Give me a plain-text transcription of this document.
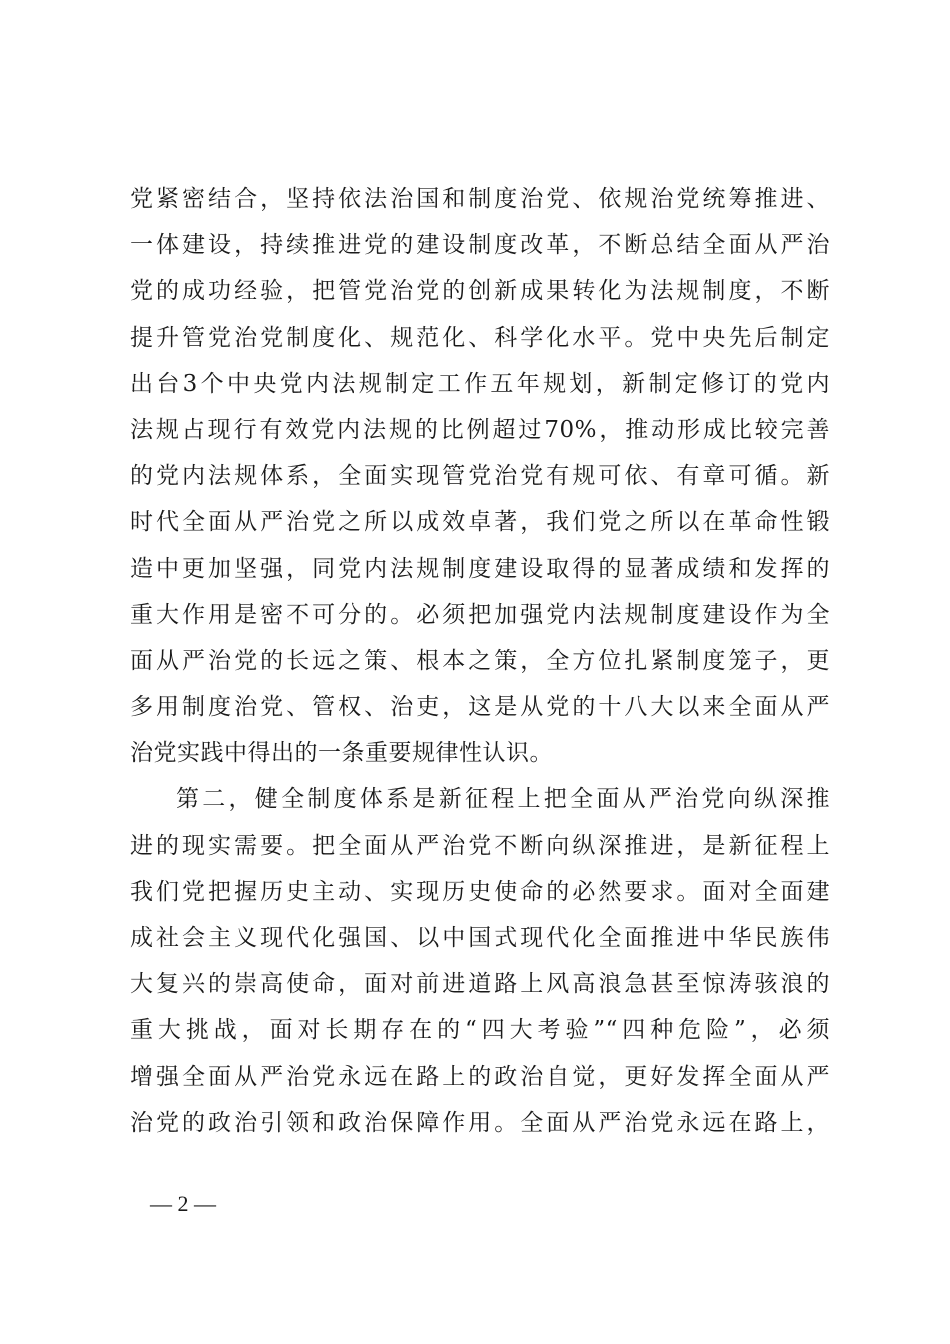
党紧密结合，坚持依法治国和制度治党、依规治党统筹推进、
一体建设，持续推进党的建设制度改革，不断总结全面从严治
党的成功经验，把管党治党的创新成果转化为法规制度，不断
提升管党治党制度化、规范化、科学化水平。党中央先后制定
出台3个中央党内法规制定工作五年规划，新制定修订的党内
法规占现行有效党内法规的比例超过70%，推动形成比较完善
的党内法规体系，全面实现管党治党有规可依、有章可循。新
时代全面从严治党之所以成效卓著，我们党之所以在革命性锻
造中更加坚强，同党内法规制度建设取得的显著成绩和发挥的
重大作用是密不可分的。必须把加强党内法规制度建设作为全
面从严治党的长远之策、根本之策，全方位扎紧制度笼子，更
多用制度治党、管权、治吏，这是从党的十八大以来全面从严
治党实践中得出的一条重要规律性认识。
第二，健全制度体系是新征程上把全面从严治党向纵深推
进的现实需要。把全面从严治党不断向纵深推进，是新征程上
我们党把握历史主动、实现历史使命的必然要求。面对全面建
成社会主义现代化强国、以中国式现代化全面推进中华民族伟
大复兴的崇高使命，面对前进道路上风高浪急甚至惊涛骇浪的
重大挑战，面对长期存在的“四大考验”“四种危险”，必须
增强全面从严治党永远在路上的政治自觉，更好发挥全面从严
治党的政治引领和政治保障作用。全面从严治党永远在路上，
— 2 —
